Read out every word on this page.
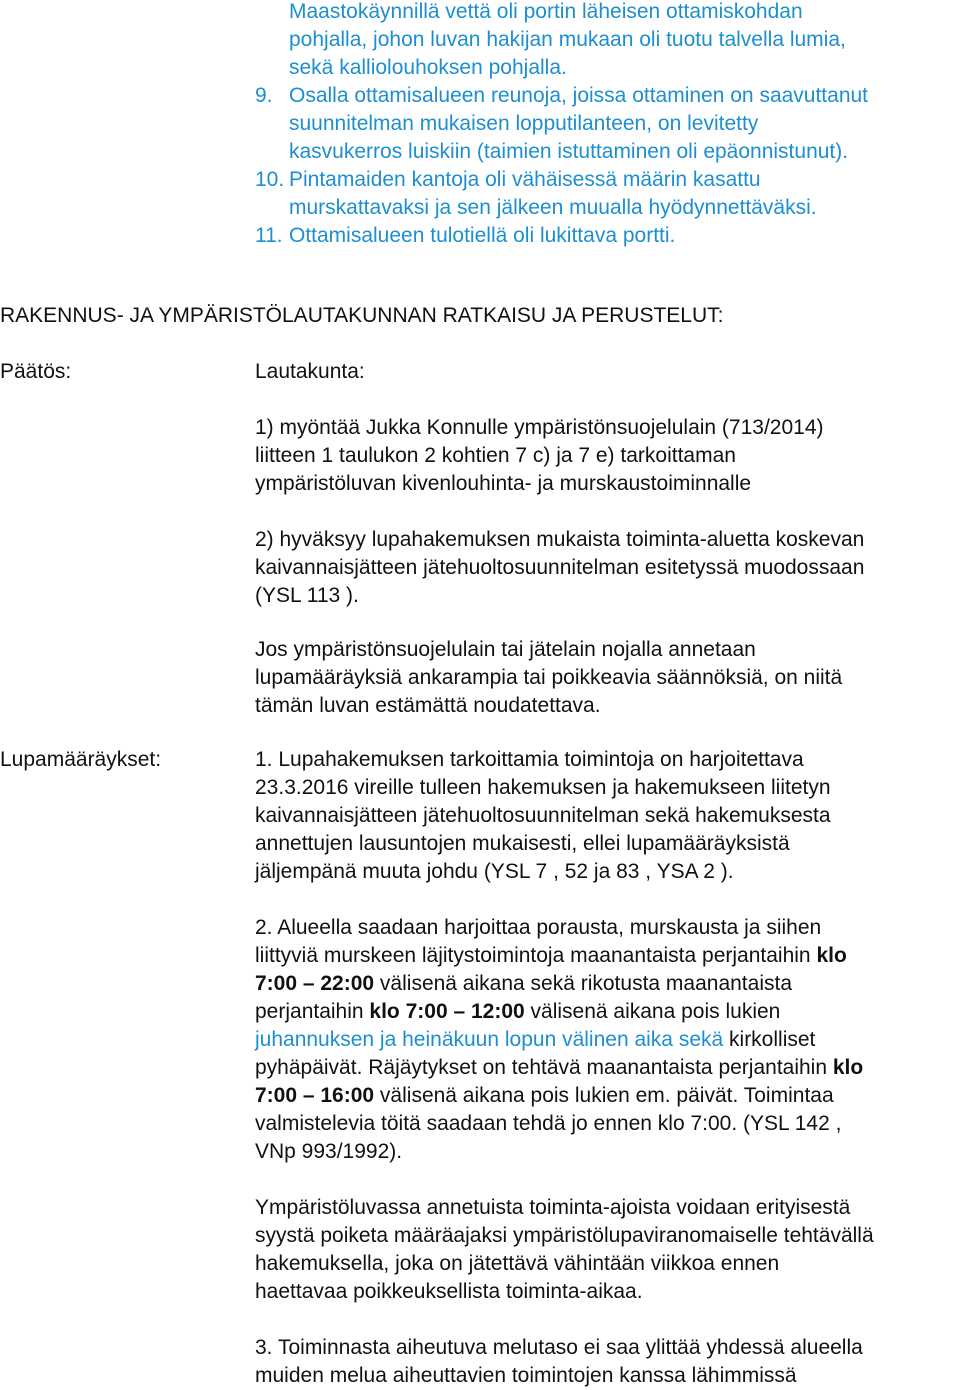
Maastokäynnillä vettä oli portin läheisen ottamiskohdan

pohjalla, johon luvan hakijan mukaan oli tuotu talvella lumia,

sekä kalliolouhoksen pohjalla.

9. Osalla ottamisalueen reunoja, joissa ottaminen on saavuttanut

suunnitelman mukaisen lopputilanteen, on levitetty

kasvukerros luiskiin (taimien istuttaminen oli epäonnistunut).

10. Pintamaiden kantoja oli vähäisessä määrin kasattu

murskattavaksi ja sen jälkeen muualla hyödynnettäväksi.

11. Ottamisalueen tulotiellä oli lukittava portti.

RAKENNUS- JA YMPÄRISTÖLAUTAKUNNAN RATKAISU JA PERUSTELUT:

Päätös:	Lautakunta:

1) myöntää Jukka Konnulle ympäristönsuojelulain (713/2014)

liitteen 1 taulukon 2 kohtien 7 c) ja 7 e) tarkoittaman

ympäristöluvan kivenlouhinta- ja murskaustoiminnalle

2) hyväksyy lupahakemuksen mukaista toiminta-aluetta koskevan

kaivannaisjätteen jätehuoltosuunnitelman esitetyssä muodossaan

(YSL 113 ).

Jos ympäristönsuojelulain tai jätelain nojalla annetaan

lupamääräyksiä ankarampia tai poikkeavia säännöksiä, on niitä

tämän luvan estämättä noudatettava.

Lupamääräykset:	1. Lupahakemuksen tarkoittamia toimintoja on harjoitettava

23.3.2016 vireille tulleen hakemuksen ja hakemukseen liitetyn

kaivannaisjätteen jätehuoltosuunnitelman sekä hakemuksesta

annettujen lausuntojen mukaisesti, ellei lupamääräyksistä

jäljempänä muuta johdu (YSL 7 , 52 ja 83 , YSA 2 ).

2. Alueella saadaan harjoittaa porausta, murskausta ja siihen

liittyviä murskeen läjitystoimintoja maanantaista perjantaihin klo

7:00 – 22:00 välisenä aikana sekä rikotusta maanantaista

perjantaihin klo 7:00 – 12:00 välisenä aikana pois lukien

juhannuksen ja heinäkuun lopun välinen aika sekä kirkolliset

pyhäpäivät. Räjäytykset on tehtävä maanantaista perjantaihin klo

7:00 – 16:00 välisenä aikana pois lukien em. päivät. Toimintaa

valmistelevia töitä saadaan tehdä jo ennen klo 7:00. (YSL 142 ,

VNp 993/1992).

Ympäristöluvassa annetuista toiminta-ajoista voidaan erityisestä

syystä poiketa määräajaksi ympäristölupaviranomaiselle tehtävällä

hakemuksella, joka on jätettävä vähintään viikkoa ennen

haettavaa poikkeuksellista toiminta-aikaa.

3. Toiminnasta aiheutuva melutaso ei saa ylittää yhdessä alueella

muiden melua aiheuttavien toimintojen kanssa lähimmissä
